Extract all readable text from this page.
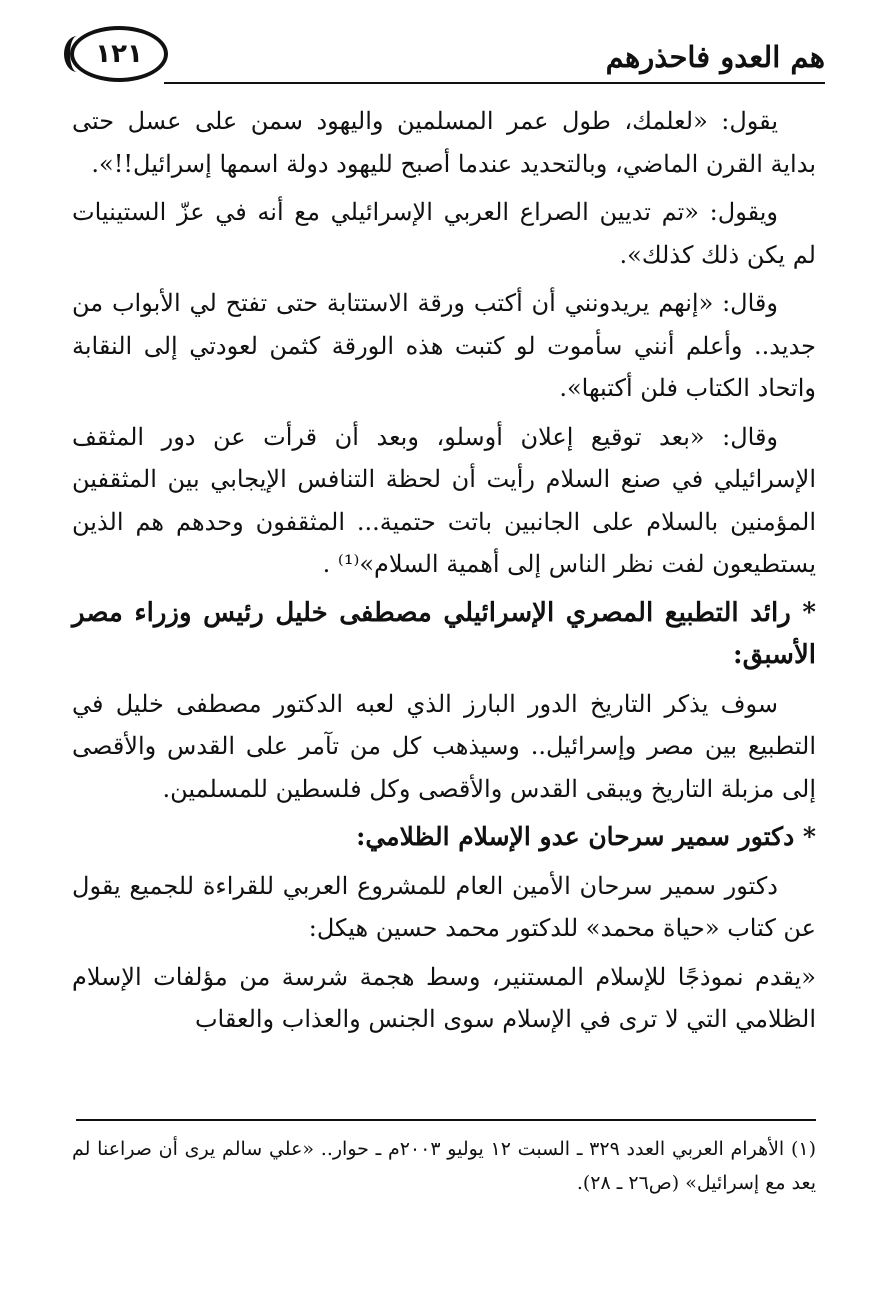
هم العدو فاحذرهم
١٢١

يقول: «لعلمك، طول عمر المسلمين واليهود سمن على عسل حتى بداية القرن الماضي، وبالتحديد عندما أصبح لليهود دولة اسمها إسرائيل!!».

ويقول: «تم تديين الصراع العربي الإسرائيلي مع أنه في عزّ الستينيات لم يكن ذلك كذلك».

وقال: «إنهم يريدونني أن أكتب ورقة الاستتابة حتى تفتح لي الأبواب من جديد.. وأعلم أنني سأموت لو كتبت هذه الورقة كثمن لعودتي إلى النقابة واتحاد الكتاب فلن أكتبها».

وقال: «بعد توقيع إعلان أوسلو، وبعد أن قرأت عن دور المثقف الإسرائيلي في صنع السلام رأيت أن لحظة التنافس الإيجابي بين المثقفين المؤمنين بالسلام على الجانبين باتت حتمية... المثقفون وحدهم هم الذين يستطيعون لفت نظر الناس إلى أهمية السلام»⁽¹⁾ .

* رائد التطبيع المصري الإسرائيلي مصطفى خليل رئيس وزراء مصر الأسبق:

سوف يذكر التاريخ الدور البارز الذي لعبه الدكتور مصطفى خليل في التطبيع بين مصر وإسرائيل.. وسيذهب كل من تآمر على القدس والأقصى إلى مزبلة التاريخ ويبقى القدس والأقصى وكل فلسطين للمسلمين.

* دكتور سمير سرحان عدو الإسلام الظلامي:

دكتور سمير سرحان الأمين العام للمشروع العربي للقراءة للجميع يقول عن كتاب «حياة محمد» للدكتور محمد حسين هيكل:

«يقدم نموذجًا للإسلام المستنير، وسط هجمة شرسة من مؤلفات الإسلام الظلامي التي لا ترى في الإسلام سوى الجنس والعذاب والعقاب

(١) الأهرام العربي العدد ٣٢٩ ـ السبت ١٢ يوليو ٢٠٠٣م ـ حوار.. «علي سالم يرى أن صراعنا لم يعد مع إسرائيل» (ص٢٦ ـ ٢٨).
